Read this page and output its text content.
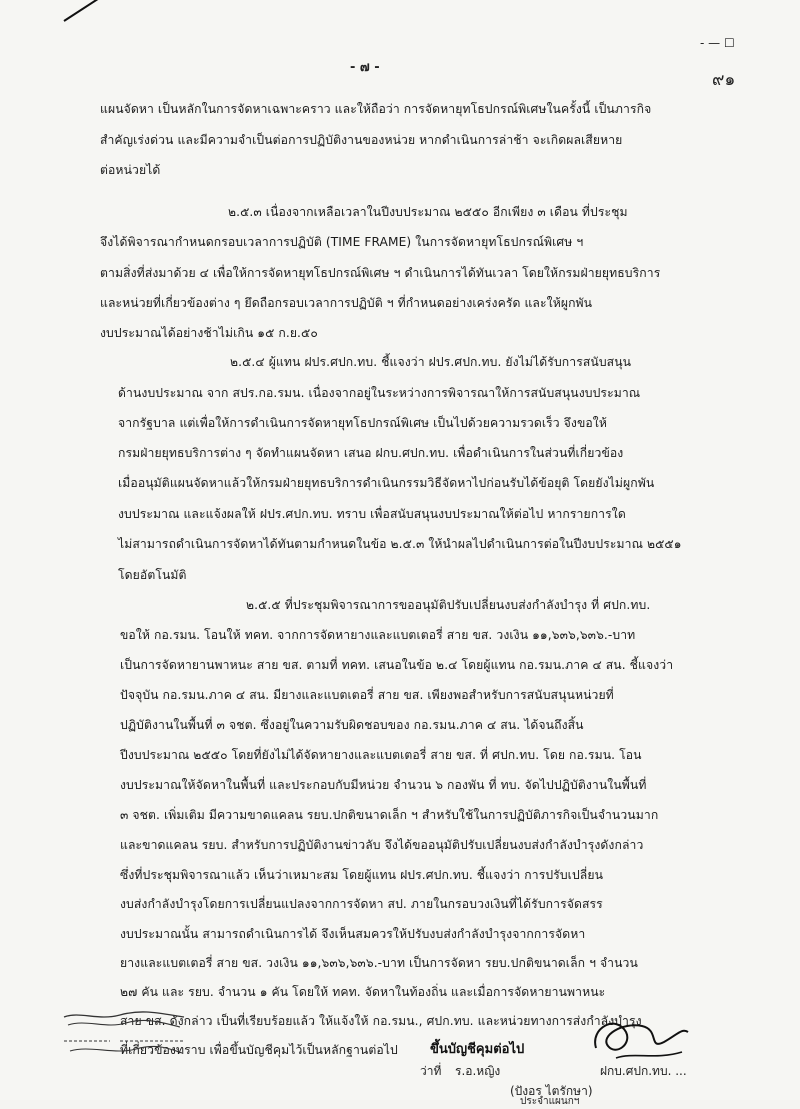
- ๗ -
- — ☐
๙๑
แผนจัดหา เป็นหลักในการจัดหาเฉพาะคราว และให้ถือว่า การจัดหายุทโธปกรณ์พิเศษในครั้งนี้ เป็นภารกิจ
สำคัญเร่งด่วน และมีความจำเป็นต่อการปฏิบัติงานของหน่วย หากดำเนินการล่าช้า จะเกิดผลเสียหาย
ต่อหน่วยได้
๒.๕.๓ เนื่องจากเหลือเวลาในปีงบประมาณ ๒๕๕๐ อีกเพียง ๓ เดือน ที่ประชุม
จึงได้พิจารณากำหนดกรอบเวลาการปฏิบัติ (TIME FRAME) ในการจัดหายุทโธปกรณ์พิเศษ ฯ
ตามสิ่งที่ส่งมาด้วย ๔ เพื่อให้การจัดหายุทโธปกรณ์พิเศษ ฯ ดำเนินการได้ทันเวลา โดยให้กรมฝ่ายยุทธบริการ
และหน่วยที่เกี่ยวข้องต่าง ๆ ยึดถือกรอบเวลาการปฏิบัติ ฯ ที่กำหนดอย่างเคร่งครัด และให้ผูกพัน
งบประมาณได้อย่างช้าไม่เกิน ๑๕ ก.ย.๕๐
๒.๕.๔ ผู้แทน ฝปร.ศปก.ทบ. ชี้แจงว่า ฝปร.ศปก.ทบ. ยังไม่ได้รับการสนับสนุน
ด้านงบประมาณ จาก สปร.กอ.รมน. เนื่องจากอยู่ในระหว่างการพิจารณาให้การสนับสนุนงบประมาณ
จากรัฐบาล แต่เพื่อให้การดำเนินการจัดหายุทโธปกรณ์พิเศษ เป็นไปด้วยความรวดเร็ว จึงขอให้
กรมฝ่ายยุทธบริการต่าง ๆ จัดทำแผนจัดหา เสนอ ฝกบ.ศปก.ทบ. เพื่อดำเนินการในส่วนที่เกี่ยวข้อง
เมื่ออนุมัติแผนจัดหาแล้วให้กรมฝ่ายยุทธบริการดำเนินกรรมวิธีจัดหาไปก่อนรับได้ข้อยุติ โดยยังไม่ผูกพัน
งบประมาณ และแจ้งผลให้ ฝปร.ศปก.ทบ. ทราบ เพื่อสนับสนุนงบประมาณให้ต่อไป หากรายการใด
ไม่สามารถดำเนินการจัดหาได้ทันตามกำหนดในข้อ ๒.๕.๓ ให้นำผลไปดำเนินการต่อในปีงบประมาณ ๒๕๕๑
โดยอัตโนมัติ
๒.๕.๕ ที่ประชุมพิจารณาการขออนุมัติปรับเปลี่ยนงบส่งกำลังบำรุง ที่ ศปก.ทบ.
ขอให้ กอ.รมน. โอนให้ ทคท. จากการจัดหายางและแบตเตอรี่ สาย ขส. วงเงิน ๑๑,๖๓๖,๖๓๖.-บาท
เป็นการจัดหายานพาหนะ สาย ขส. ตามที่ ทคท. เสนอในข้อ ๒.๔ โดยผู้แทน กอ.รมน.ภาค ๔ สน. ชี้แจงว่า
ปัจจุบัน กอ.รมน.ภาค ๔ สน. มียางและแบตเตอรี่ สาย ขส. เพียงพอสำหรับการสนับสนุนหน่วยที่
ปฏิบัติงานในพื้นที่ ๓ จชต. ซึ่งอยู่ในความรับผิดชอบของ กอ.รมน.ภาค ๔ สน. ได้จนถึงสิ้น
ปีงบประมาณ ๒๕๕๐ โดยที่ยังไม่ได้จัดหายางและแบตเตอรี่ สาย ขส. ที่ ศปก.ทบ. โดย กอ.รมน. โอน
งบประมาณให้จัดหาในพื้นที่ และประกอบกับมีหน่วย จำนวน ๖ กองพัน ที่ ทบ. จัดไปปฏิบัติงานในพื้นที่
๓ จชต. เพิ่มเติม มีความขาดแคลน รยบ.ปกติขนาดเล็ก ฯ สำหรับใช้ในการปฏิบัติภารกิจเป็นจำนวนมาก
และขาดแคลน รยบ. สำหรับการปฏิบัติงานข่าวลับ จึงได้ขออนุมัติปรับเปลี่ยนงบส่งกำลังบำรุงดังกล่าว
ซึ่งที่ประชุมพิจารณาแล้ว เห็นว่าเหมาะสม โดยผู้แทน ฝปร.ศปก.ทบ. ชี้แจงว่า การปรับเปลี่ยน
งบส่งกำลังบำรุงโดยการเปลี่ยนแปลงจากการจัดหา สป. ภายในกรอบวงเงินที่ได้รับการจัดสรร
งบประมาณนั้น สามารถดำเนินการได้ จึงเห็นสมควรให้ปรับงบส่งกำลังบำรุงจากการจัดหา
ยางและแบตเตอรี่ สาย ขส. วงเงิน ๑๑,๖๓๖,๖๓๖.-บาท เป็นการจัดหา รยบ.ปกติขนาดเล็ก ฯ จำนวน
๒๗ คัน และ รยบ. จำนวน ๑ คัน โดยให้ ทคท. จัดหาในท้องถิ่น และเมื่อการจัดหายานพาหนะ
สาย ขส. ดังกล่าว เป็นที่เรียบร้อยแล้ว ให้แจ้งให้ กอ.รมน., ศปก.ทบ. และหน่วยทางการส่งกำลังบำรุง
ที่เกี่ยวข้องทราบ เพื่อขึ้นบัญชีคุมไว้เป็นหลักฐานต่อไป ขึ้นบัญชีคุมต่อไป
ว่าที่ ร.อ.หญิง	ฝกบ.ศปก.ทบ. ...
(ปังอร ไตรักษา)
ประจำแผนกฯ
